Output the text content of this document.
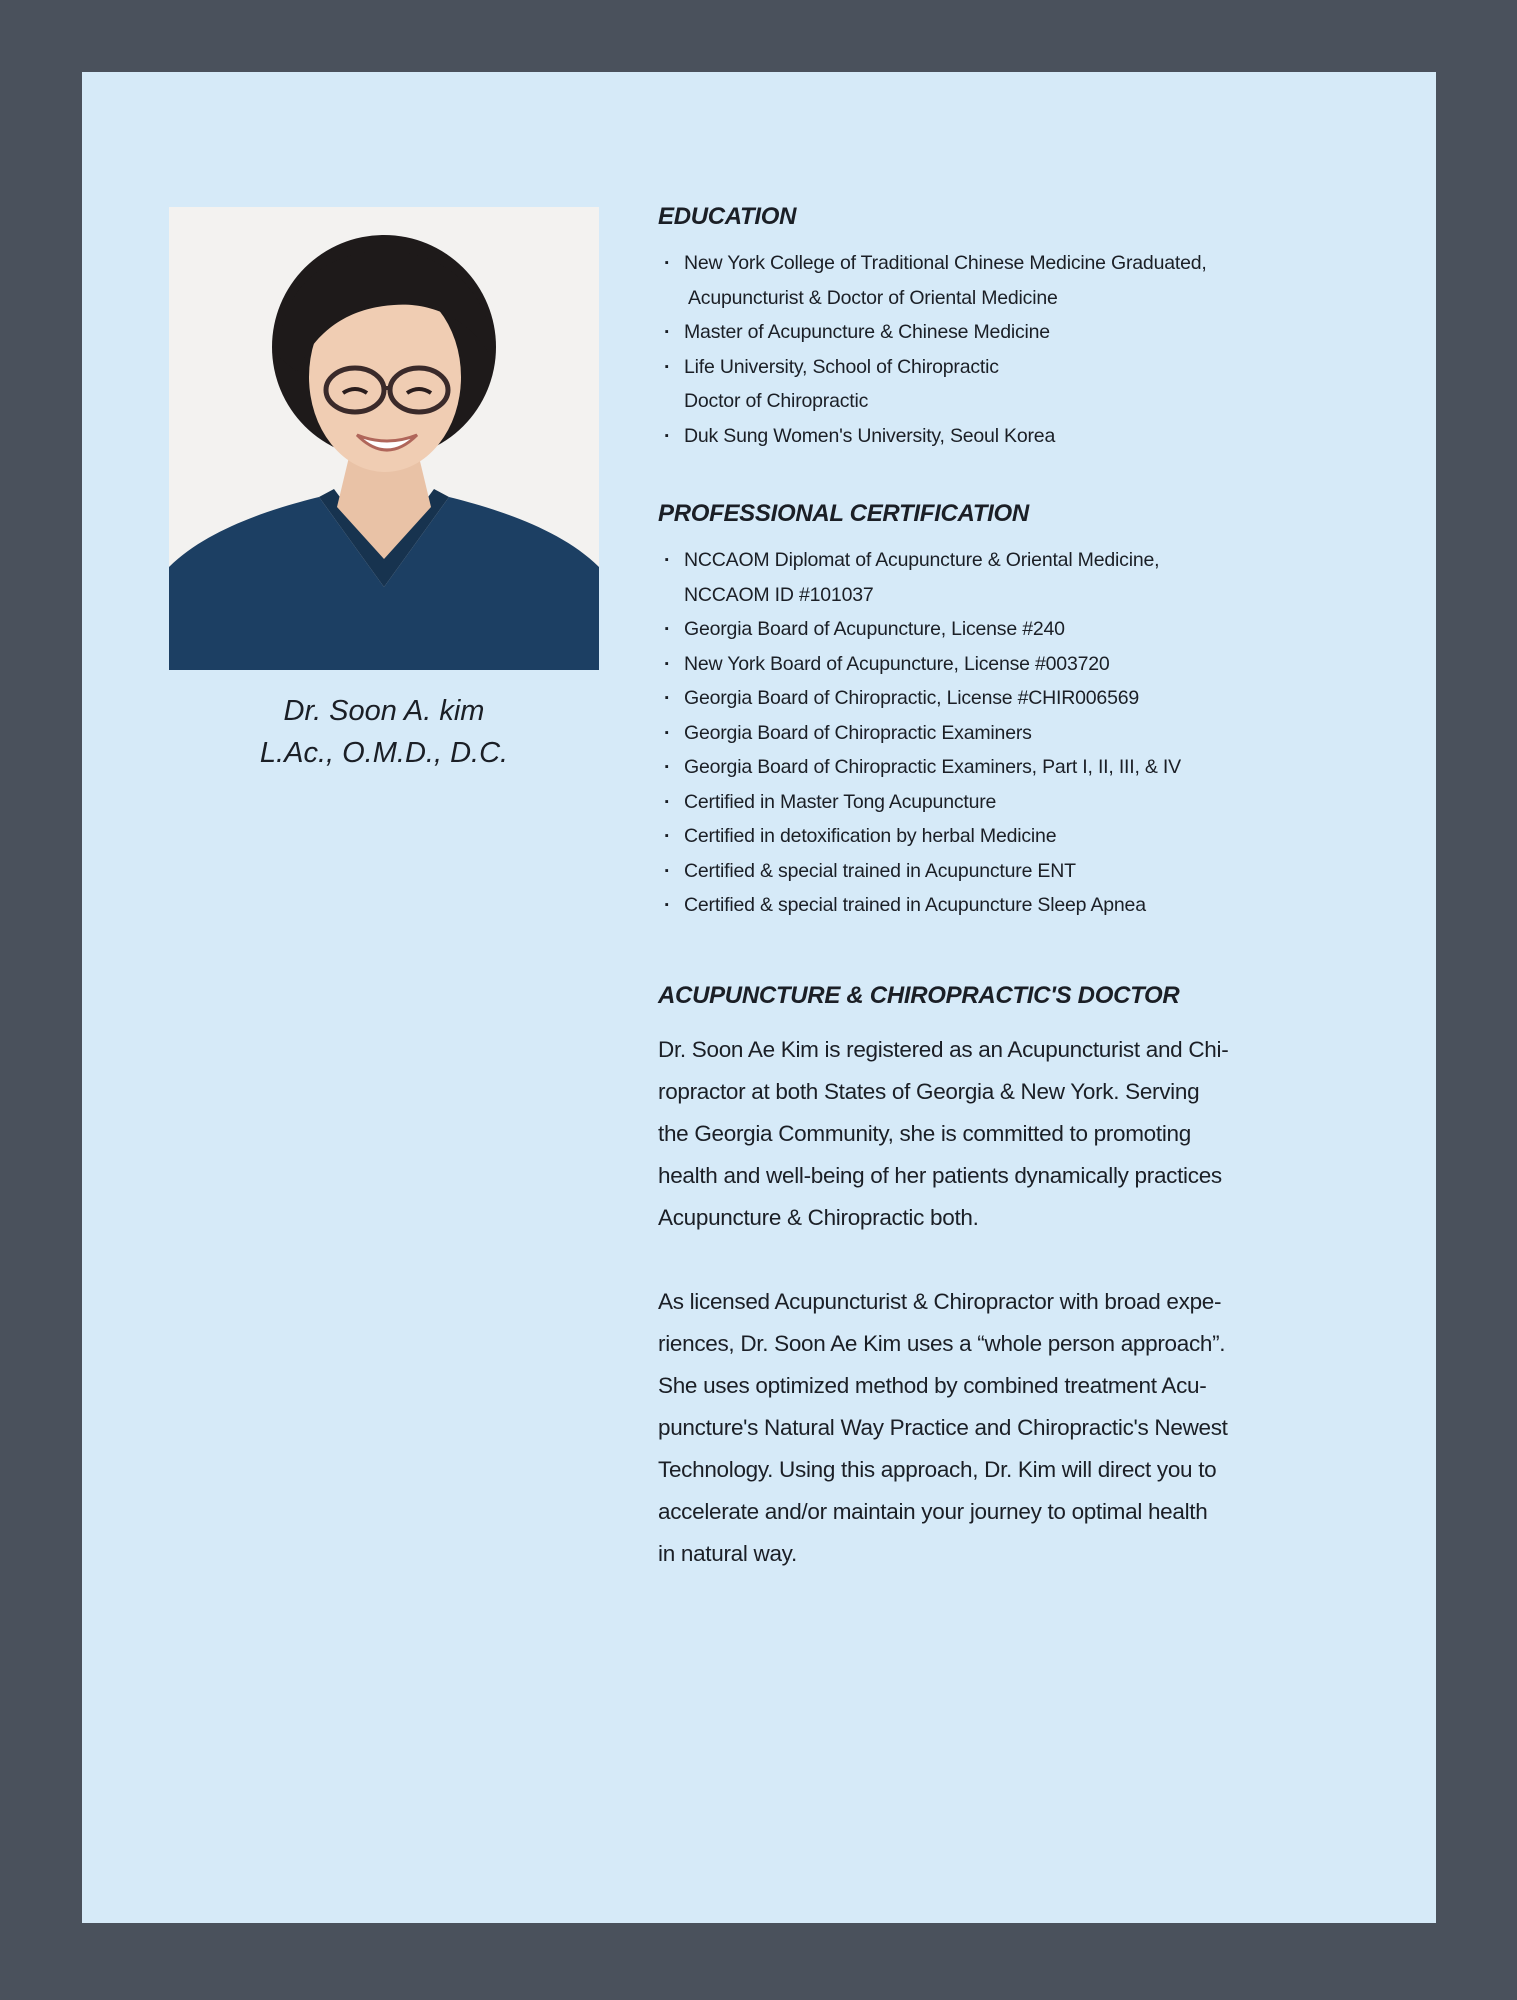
Dr. Soon A. kim
L.Ac., O.M.D., D.C.
EDUCATION
· New York College of Traditional Chinese Medicine Graduated,
Acupuncturist & Doctor of Oriental Medicine
· Master of Acupuncture & Chinese Medicine
· Life University, School of Chiropractic
Doctor of Chiropractic
· Duk Sung Women's University, Seoul Korea
PROFESSIONAL CERTIFICATION
· NCCAOM Diplomat of Acupuncture & Oriental Medicine,
NCCAOM ID #101037
· Georgia Board of Acupuncture, License #240
· New York Board of Acupuncture, License #003720
· Georgia Board of Chiropractic, License #CHIR006569
· Georgia Board of Chiropractic Examiners
· Georgia Board of Chiropractic Examiners, Part I, II, III, & IV
· Certified in Master Tong Acupuncture
· Certified in detoxification by herbal Medicine
· Certified & special trained in Acupuncture ENT
· Certified & special trained in Acupuncture Sleep Apnea
ACUPUNCTURE & CHIROPRACTIC'S DOCTOR
Dr. Soon Ae Kim is registered as an Acupuncturist and Chi-
ropractor at both States of Georgia & New York. Serving
the Georgia Community, she is committed to promoting
health and well-being of her patients dynamically practices
Acupuncture & Chiropractic both.
As licensed Acupuncturist & Chiropractor with broad expe-
riences, Dr. Soon Ae Kim uses a “whole person approach”.
She uses optimized method by combined treatment Acu-
puncture's Natural Way Practice and Chiropractic's Newest
Technology. Using this approach, Dr. Kim will direct you to
accelerate and/or maintain your journey to optimal health
in natural way.
